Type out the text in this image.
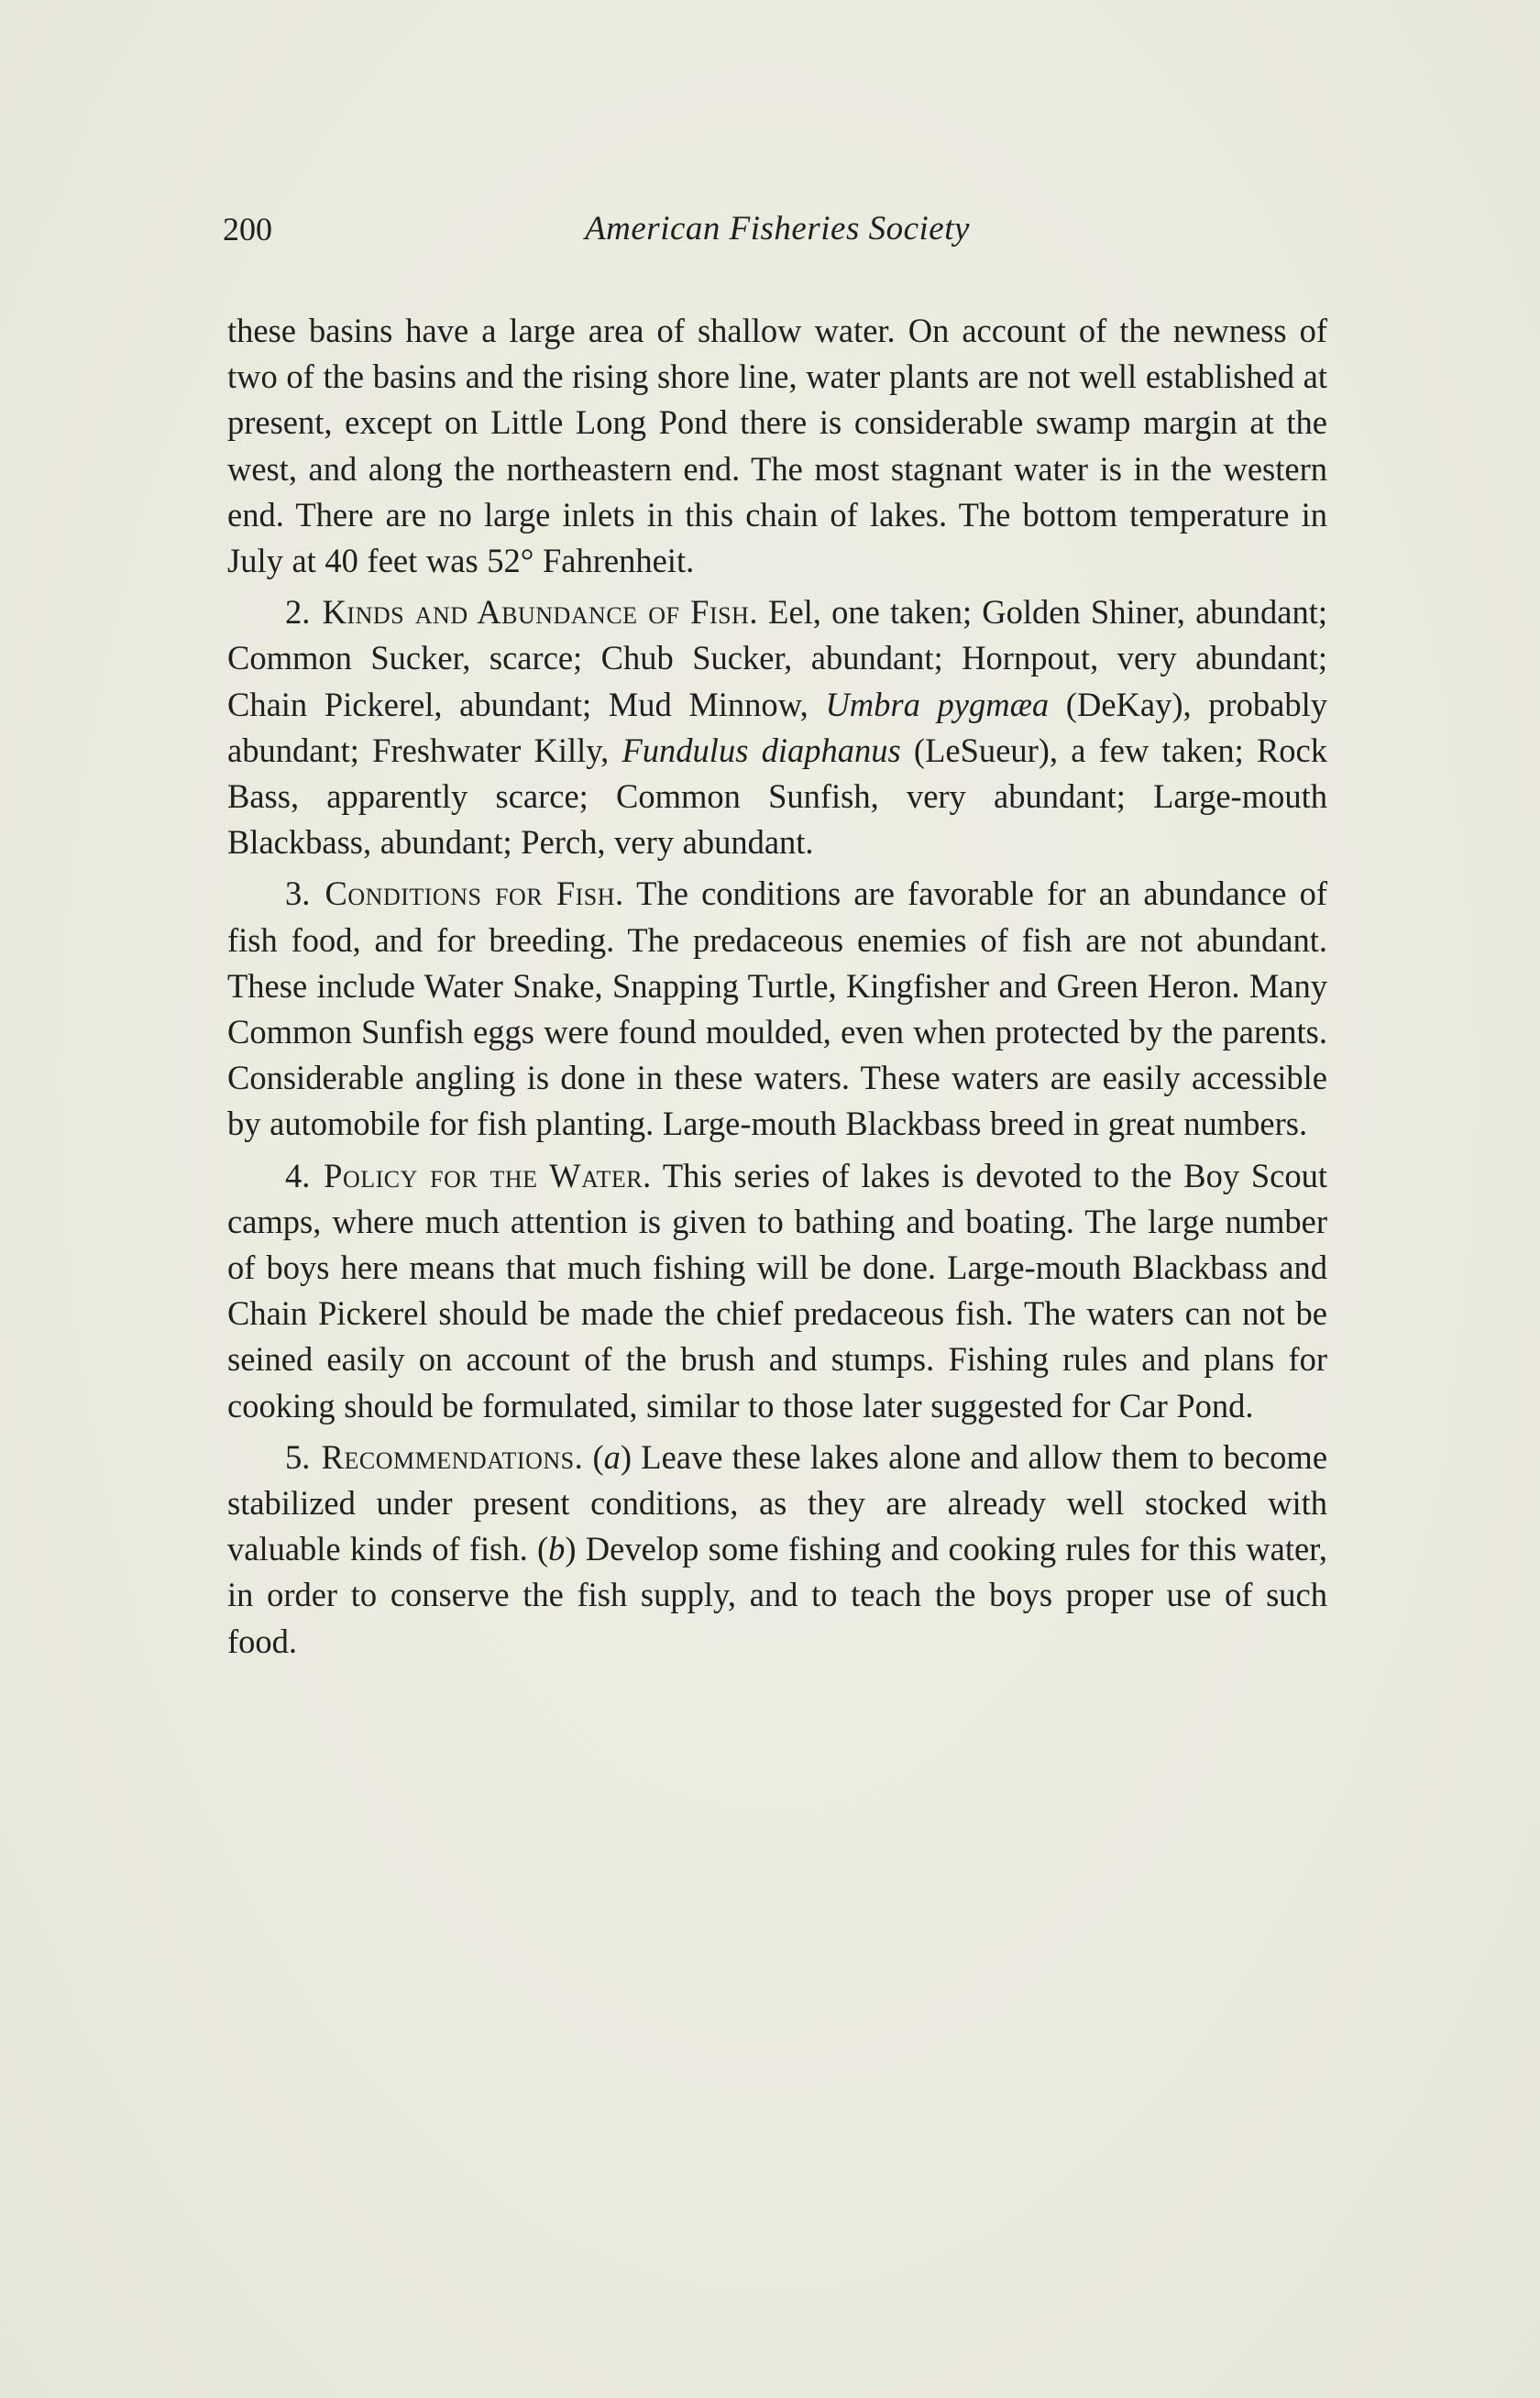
200	American Fisheries Society

these basins have a large area of shallow water. On account of the newness of two of the basins and the rising shore line, water plants are not well established at present, except on Little Long Pond there is considerable swamp margin at the west, and along the northeastern end. The most stagnant water is in the western end. There are no large inlets in this chain of lakes. The bottom temperature in July at 40 feet was 52° Fahrenheit.

2. Kinds and Abundance of Fish. Eel, one taken; Golden Shiner, abundant; Common Sucker, scarce; Chub Sucker, abundant; Hornpout, very abundant; Chain Pickerel, abundant; Mud Minnow, Umbra pygmæa (DeKay), probably abundant; Freshwater Killy, Fundulus diaphanus (LeSueur), a few taken; Rock Bass, apparently scarce; Common Sunfish, very abundant; Large-mouth Blackbass, abundant; Perch, very abundant.

3. Conditions for Fish. The conditions are favorable for an abundance of fish food, and for breeding. The predaceous enemies of fish are not abundant. These include Water Snake, Snapping Turtle, Kingfisher and Green Heron. Many Common Sunfish eggs were found moulded, even when protected by the parents. Considerable angling is done in these waters. These waters are easily accessible by automobile for fish planting. Large-mouth Blackbass breed in great numbers.

4. Policy for the Water. This series of lakes is devoted to the Boy Scout camps, where much attention is given to bathing and boating. The large number of boys here means that much fishing will be done. Large-mouth Blackbass and Chain Pickerel should be made the chief predaceous fish. The waters can not be seined easily on account of the brush and stumps. Fishing rules and plans for cooking should be formulated, similar to those later suggested for Car Pond.

5. Recommendations. (a) Leave these lakes alone and allow them to become stabilized under present conditions, as they are already well stocked with valuable kinds of fish. (b) Develop some fishing and cooking rules for this water, in order to conserve the fish supply, and to teach the boys proper use of such food.
